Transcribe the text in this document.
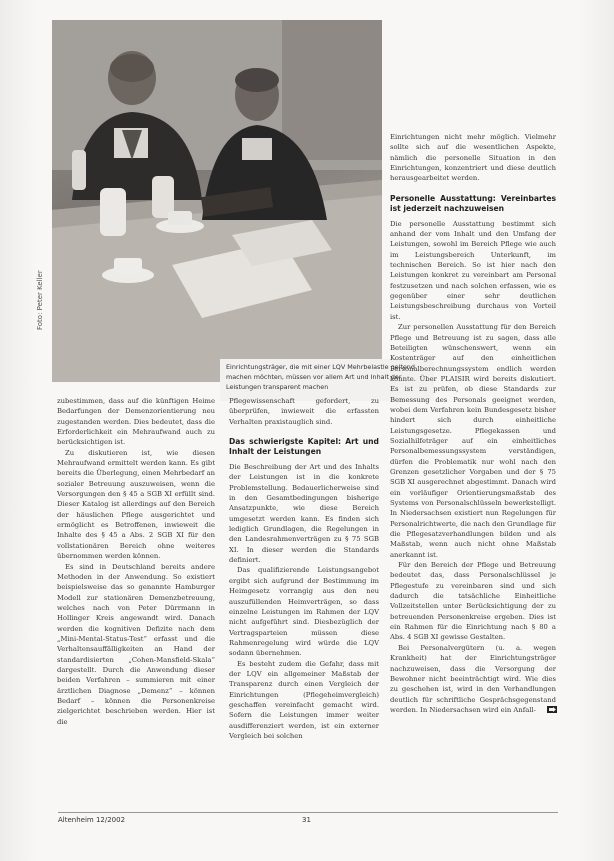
Einrichtungsträger, die mit einer LQV Mehrbelastle geltend machen möchten, müssen vor allem Art und Inhalt der Leistungen transparent machen
Foto: Peter Keller

zubestimmen, dass auf die künftigen Heime Bedarfungen der Demenzorientierung neu zugestanden werden. Dies bedeutet, dass die Erforderlichkeit ein Mehraufwand auch zu berücksichtigen ist.

Zu diskutieren ist, wie diesen Mehraufwand ermittelt werden kann. Es gibt bereits die Überlegung, einen Mehrbedarf an sozialer Betreuung auszuweisen, wenn die Versorgungen den § 45 a SGB XI erfüllt sind. Dieser Katalog ist allerdings auf den Bereich der häuslichen Pflege ausgerichtet und ermöglicht es Betroffenen, inwieweit die Inhalte des § 45 a Abs. 2 SGB XI für den vollstationären Bereich ohne weiteres übernommen werden können.

Es sind in Deutschland bereits andere Methoden in der Anwendung. So existiert beispielsweise das so genannte Hamburger Modell zur stationären Demenzbetreuung, welches nach von Peter Dürrmann in Hollinger Kreis angewandt wird. Danach werden die kognitiven Defizite nach dem „Mini-Mental-Status-Test“ erfasst und die Verhaltensauffälligkeiten an Hand der standardisierten „Cohen-Mansfield-Skala“ dargestellt. Durch die Anwendung dieser beiden Verfahren – summieren mit einer ärztlichen Diagnose „Demenz“ – können Bedarf – können die Personenkreise zielgerichtet beschrieben werden. Hier ist die

Pflegewissenschaft gefordert, zu überprüfen, inwieweit die erfassten Verhalten praxistauglich sind.

Das schwierigste Kapitel: Art und Inhalt der Leistungen

Die Beschreibung der Art und des Inhalts der Leistungen ist in die konkrete Problemstellung. Bedauerlicherweise sind in den Gesamtbedingungen bisherige Ansatzpunkte, wie diese Bereich umgesetzt werden kann. Es finden sich lediglich Grundlagen, die Regelungen in den Landesrahmenverträgen zu § 75 SGB XI. In dieser werden die Standards definiert.

Das qualifizierende Leistungsangebot ergibt sich aufgrund der Bestimmung im Heimgesetz vorrangig aus den neu auszufüllenden Heimverträgen, so dass einzelne Leistungen im Rahmen der LQV nicht aufgeführt sind. Diesbezüglich der Vertragsparteien müssen diese Rahmenregelung wird würde die LQV sodann übernehmen.

Es besteht zudem die Gefahr, dass mit der LQV ein allgemeiner Maßstab der Transparenz durch einen Vergleich der Einrichtungen (Pflegeheimvergleich) geschaffen vereinfacht gemacht wird. Sofern die Leistungen immer weiter ausdifferenziert werden, ist ein externer Vergleich bei solchen

Einrichtungen nicht mehr möglich. Vielmehr sollte sich auf die wesentlichen Aspekte, nämlich die personelle Situation in den Einrichtungen, konzentriert und diese deutlich herausgearbeitet werden.

Personelle Ausstattung: Vereinbartes ist jederzeit nachzuweisen

Die personelle Ausstattung bestimmt sich anhand der vom Inhalt und den Umfang der Leistungen, sowohl im Bereich Pflege wie auch im Leistungsbereich Unterkunft, im technischen Bereich. So ist hier nach den Leistungen konkret zu vereinbart am Personal festzusetzen und nach solchen erfassen, wie es gegenüber einer sehr deutlichen Leistungsbeschreibung durchaus von Vorteil ist.

Zur personellen Ausstattung für den Bereich Pflege und Betreuung ist zu sagen, dass alle Beteiligten wünschenswert, wenn ein Kostenträger auf den einheitlichen Personalberechnungssystem endlich werden könnte. Über PLAISIR wird bereits diskutiert. Es ist zu prüfen, ob diese Standards zur Bemessung des Personals geeignet werden, wobei dem Verfahren kein Bundesgesetz bisher hindert sich durch einheitliche Leistungsgesetze. Pflegekassen und Sozialhilfeträger auf ein einheitliches Personalbemessungssystem verständigen, dürfen die Problematik nur wohl nach den Grenzen gesetzlicher Vorgaben und der § 75 SGB XI ausgerechnet abgestimmt. Danach wird ein vorläufiger Orientierungsmaßstab des Systems von Personalschlüsseln bewerkstelligt. In Niedersachsen existiert nun Regelungen für Personalrichtwerte, die nach den Grundlage für die Pflegesatzverhandlungen bilden und als Maßstab, wenn auch nicht ohne Maßstab anerkannt ist.

Für den Bereich der Pflege und Betreuung bedeutet das, dass Personalschlüssel je Pflegestufe zu vereinbaren sind und sich dadurch die tatsächliche Einheitliche Vollzeitstellen unter Berücksichtigung der zu betreuenden Personenkreise ergeben. Dies ist ein Rahmen für die Einrichtung nach § 80 a Abs. 4 SGB XI gewisse Gestalten.

Bei Personalvergütern (u. a. wegen Krankheit) hat der Einrichtungsträger nachzuweisen, dass die Versorgung der Bewohner nicht beeinträchtigt wird. Wie dies zu geschehen ist, wird in den Verhandlungen deutlich für schriftliche Gesprächsgegenstand werden. In Niedersachsen wird ein Anfall-

Altenheim 12/2002	31
